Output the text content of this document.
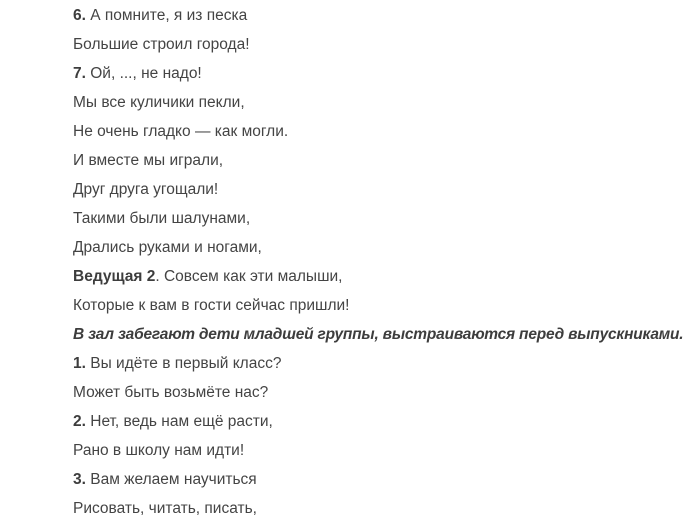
6. А помните, я из песка
Большие строил города!
7. Ой, ..., не надо!
Мы все куличики пекли,
Не очень гладко — как могли.
И вместе мы играли,
Друг друга угощали!
Такими были шалунами,
Дрались руками и ногами,
Ведущая 2. Совсем как эти малыши,
Которые к вам в гости сейчас пришли!
В зал забегают дети младшей группы, выстраиваются перед выпускниками.
1. Вы идёте в первый класс?
Может быть возьмёте нас?
2. Нет, ведь нам ещё расти,
Рано в школу нам идти!
3. Вам желаем научиться
Рисовать, читать, писать,
